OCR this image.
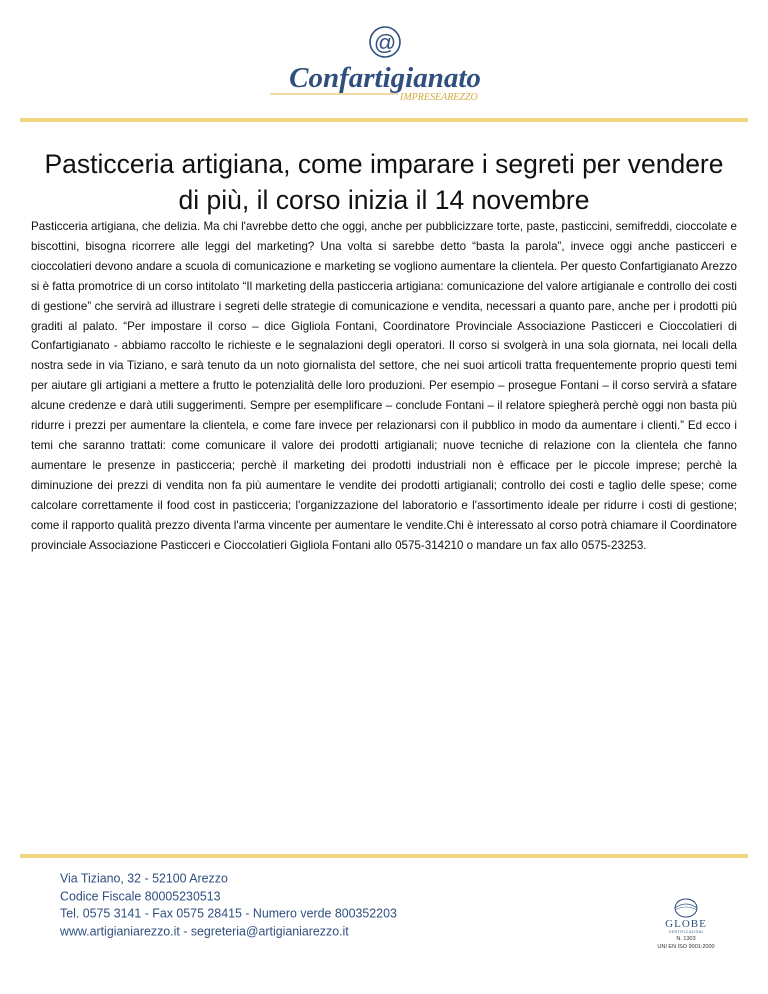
@
Confartigianato
IMPRESEAREZZO
Pasticceria artigiana, come imparare i segreti per vendere di più, il corso inizia il 14 novembre

Pasticceria artigiana, che delizia. Ma chi l'avrebbe detto che oggi, anche per pubblicizzare torte, paste, pasticcini, semifreddi, cioccolate e biscottini, bisogna ricorrere alle leggi del marketing? Una volta si sarebbe detto “basta la parola”, invece oggi anche pasticceri e cioccolatieri devono andare a scuola di comunicazione e marketing se vogliono aumentare la clientela. Per questo Confartigianato Arezzo si è fatta promotrice di un corso intitolato “Il marketing della pasticceria artigiana: comunicazione del valore artigianale e controllo dei costi di gestione” che servirà ad illustrare i segreti delle strategie di comunicazione e vendita, necessari a quanto pare, anche per i prodotti più graditi al palato. “Per impostare il corso – dice Gigliola Fontani, Coordinatore Provinciale Associazione Pasticceri e Cioccolatieri di Confartigianato - abbiamo raccolto le richieste e le segnalazioni degli operatori. Il corso si svolgerà in una sola giornata, nei locali della nostra sede in via Tiziano, e sarà tenuto da un noto giornalista del settore, che nei suoi articoli tratta frequentemente proprio questi temi per aiutare gli artigiani a mettere a frutto le potenzialità delle loro produzioni. Per esempio – prosegue Fontani – il corso servirà a sfatare alcune credenze e darà utili suggerimenti. Sempre per esemplificare – conclude Fontani – il relatore spiegherà perchè oggi non basta più ridurre i prezzi per aumentare la clientela, e come fare invece per relazionarsi con il pubblico in modo da aumentare i clienti.” Ed ecco i temi che saranno trattati: come comunicare il valore dei prodotti artigianali; nuove tecniche di relazione con la clientela che fanno aumentare le presenze in pasticceria; perchè il marketing dei prodotti industriali non è efficace per le piccole imprese; perchè la diminuzione dei prezzi di vendita non fa più aumentare le vendite dei prodotti artigianali; controllo dei costi e taglio delle spese; come calcolare correttamente il food cost in pasticceria; l'organizzazione del laboratorio e l'assortimento ideale per ridurre i costi di gestione; come il rapporto qualità prezzo diventa l'arma vincente per aumentare le vendite.Chi è interessato al corso potrà chiamare il Coordinatore provinciale Associazione Pasticceri e Cioccolatieri Gigliola Fontani allo 0575-314210 o mandare un fax allo 0575-23253.

Via Tiziano, 32 - 52100 Arezzo
Codice Fiscale 80005230513
Tel. 0575 3141 - Fax 0575 28415 - Numero verde 800352203
www.artigianiarezzo.it - segreteria@artigianiarezzo.it	GLOBE
CERTIFICAZIONI
N. 1303
UNI EN ISO 9001:2000
